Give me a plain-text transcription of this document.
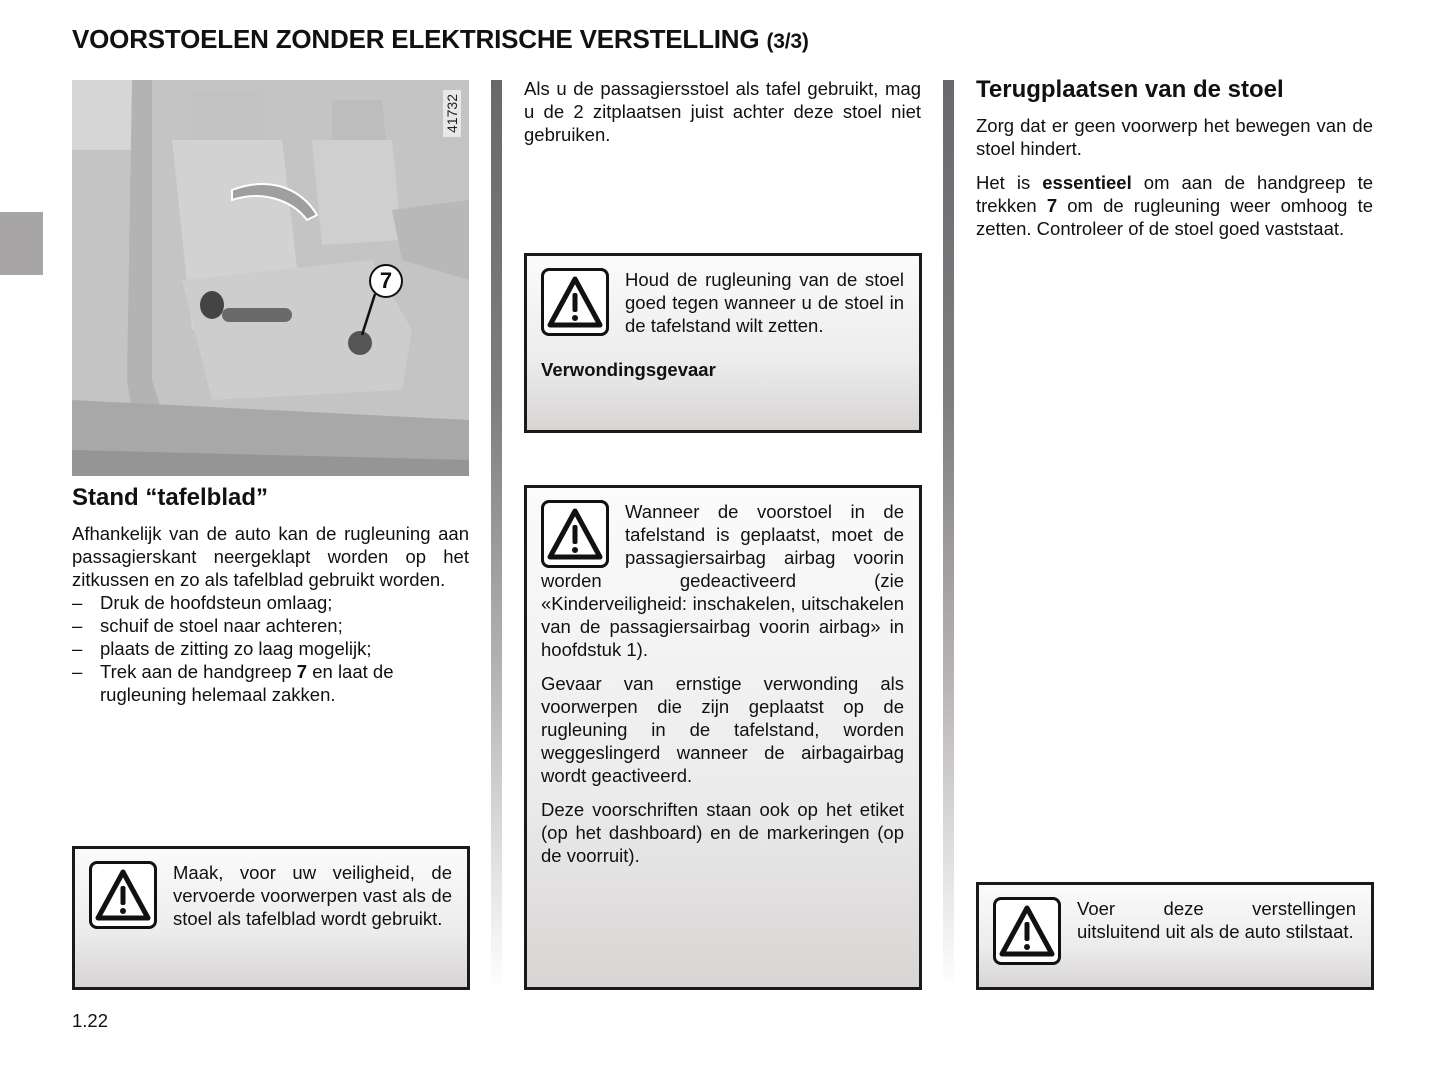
VOORSTOELEN ZONDER ELEKTRISCHE VERSTELLING (3/3)
41732
7
Stand “tafelblad”

Afhankelijk van de auto kan de rugleuning aan passagierskant neergeklapt worden op het zitkussen en zo als tafelblad gebruikt worden.

– Druk de hoofdsteun omlaag;
– schuif de stoel naar achteren;
– plaats de zitting zo laag mogelijk;
– Trek aan de handgreep 7 en laat de rugleuning helemaal zakken.

Maak, voor uw veiligheid, de vervoerde voorwerpen vast als de stoel als tafelblad wordt gebruikt.

Als u de passagiersstoel als tafel gebruikt, mag u de 2 zitplaatsen juist achter deze stoel niet gebruiken.

Houd de rugleuning van de stoel goed tegen wanneer u de stoel in de tafelstand wilt zetten.

Verwondingsgevaar

Wanneer de voorstoel in de tafelstand is geplaatst, moet de passagiersairbag airbag voorin worden gedeactiveerd (zie «Kinderveiligheid: inschakelen, uitschakelen van de passagiersairbag voorin airbag» in hoofdstuk 1).

Gevaar van ernstige verwonding als voorwerpen die zijn geplaatst op de rugleuning in de tafelstand, worden weggeslingerd wanneer de airbagairbag wordt geactiveerd.

Deze voorschriften staan ook op het etiket (op het dashboard) en de markeringen (op de voorruit).

Terugplaatsen van de stoel

Zorg dat er geen voorwerp het bewegen van de stoel hindert.

Het is essentieel om aan de handgreep te trekken 7 om de rugleuning weer omhoog te zetten. Controleer of de stoel goed vaststaat.

Voer deze verstellingen uitsluitend uit als de auto stilstaat.

1.22
